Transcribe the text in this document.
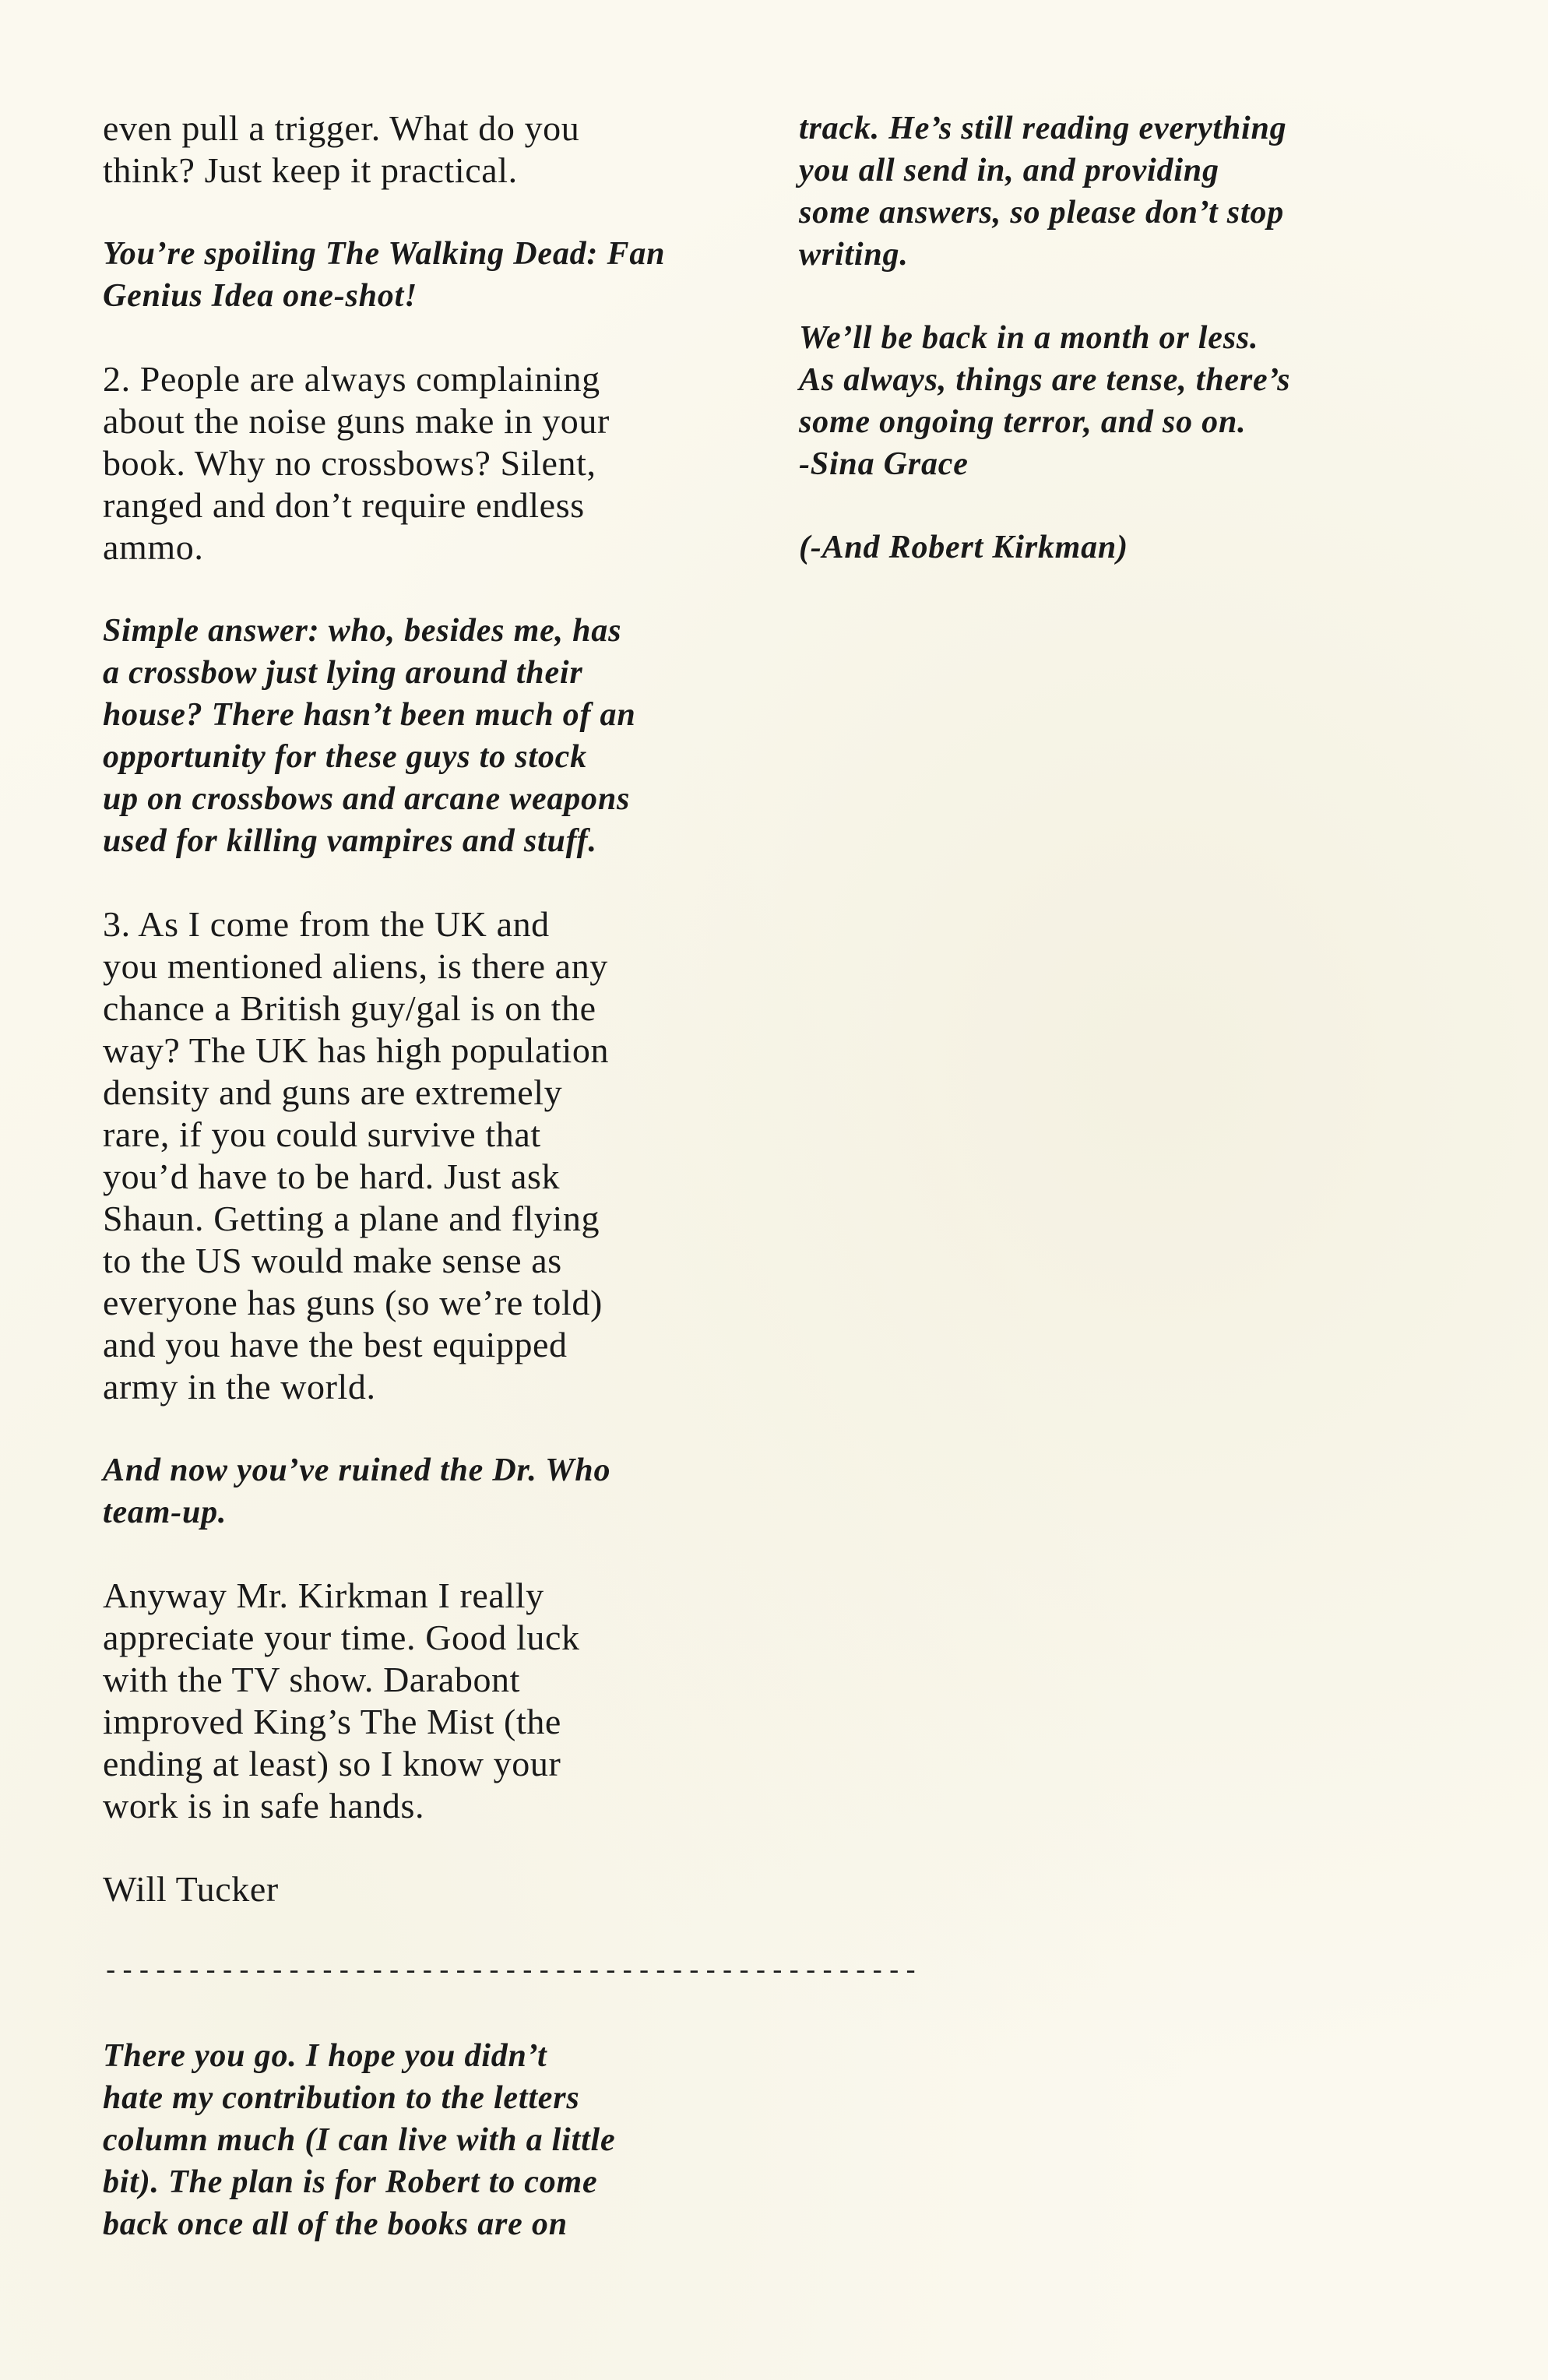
even pull a trigger. What do you
think? Just keep it practical.
You’re spoiling The Walking Dead: Fan
Genius Idea one-shot!
2. People are always complaining
about the noise guns make in your
book. Why no crossbows? Silent,
ranged and don’t require endless
ammo.
Simple answer: who, besides me, has
a crossbow just lying around their
house? There hasn’t been much of an
opportunity for these guys to stock
up on crossbows and arcane weapons
used for killing vampires and stuff.
3. As I come from the UK and
you mentioned aliens, is there any
chance a British guy/gal is on the
way? The UK has high population
density and guns are extremely
rare, if you could survive that
you’d have to be hard. Just ask
Shaun. Getting a plane and flying
to the US would make sense as
everyone has guns (so we’re told)
and you have the best equipped
army in the world.
And now you’ve ruined the Dr. Who
team-up.
Anyway Mr. Kirkman I really
appreciate your time. Good luck
with the TV show. Darabont
improved King’s The Mist (the
ending at least) so I know your
work is in safe hands.
Will Tucker
-------------------------------------------------
There you go. I hope you didn’t
hate my contribution to the letters
column much (I can live with a little
bit). The plan is for Robert to come
back once all of the books are on
track. He’s still reading everything
you all send in, and providing
some answers, so please don’t stop
writing.
We’ll be back in a month or less.
As always, things are tense, there’s
some ongoing terror, and so on.
-Sina Grace
(-And Robert Kirkman)
